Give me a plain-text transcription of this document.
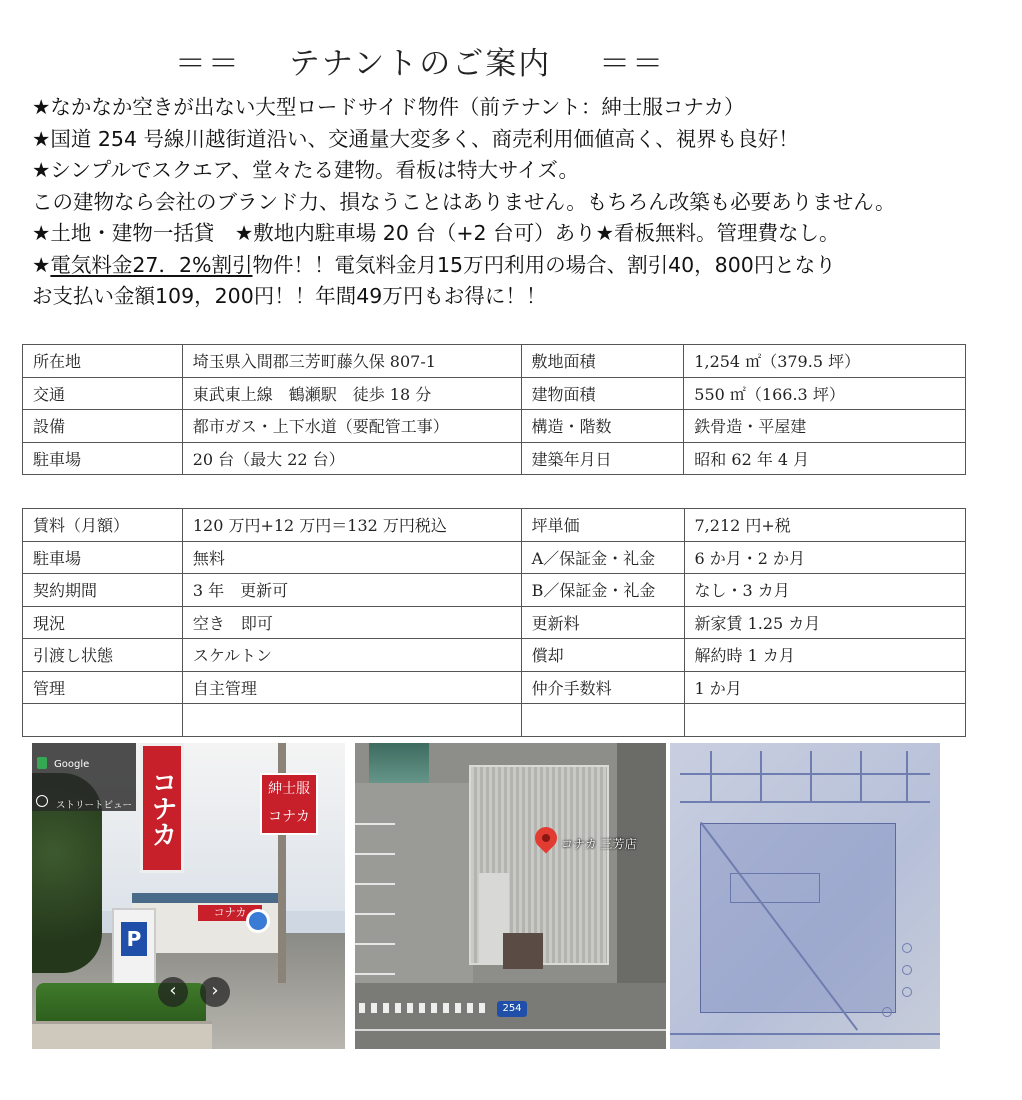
＝＝ テナントのご案内 ＝＝
★なかなか空きが出ない大型ロードサイド物件（前テナント：紳士服コナカ）
★国道 254 号線川越街道沿い、交通量大変多く、商売利用価値高く、視界も良好！
★シンプルでスクエア、堂々たる建物。看板は特大サイズ。
この建物なら会社のブランド力、損なうことはありません。もちろん改築も必要ありません。
★土地・建物一括貸　★敷地内駐車場 20 台（+2 台可）あり★看板無料。管理費なし。
★電気料金27．2%割引物件！！電気料金月15万円利用の場合、割引40，800円となり
お支払い金額109，200円！！年間49万円もお得に！！
所在地	埼玉県入間郡三芳町藤久保 807-1	敷地面積	1,254 ㎡（379.5 坪）
交通	東武東上線　鶴瀬駅　徒歩 18 分	建物面積	550 ㎡（166.3 坪）
設備	都市ガス・上下水道（要配管工事）	構造・階数	鉄骨造・平屋建
駐車場	20 台（最大 22 台）	建築年月日	昭和 62 年 4 月
賃料（月額）	120 万円+12 万円＝132 万円税込	坪単価	7,212 円+税
駐車場	無料	A／保証金・礼金	6 か月・2 か月
契約期間	3 年　更新可	B／保証金・礼金	なし・3 カ月
現況	空き　即可	更新料	新家賃 1.25 カ月
引渡し状態	スケルトン	償却	解約時 1 カ月
管理	自主管理	仲介手数料	1 か月

コナカ
コナカ	紳士服 コナカ
P
‹	›
Google
ストリートビュー
254
コナカ 三芳店
